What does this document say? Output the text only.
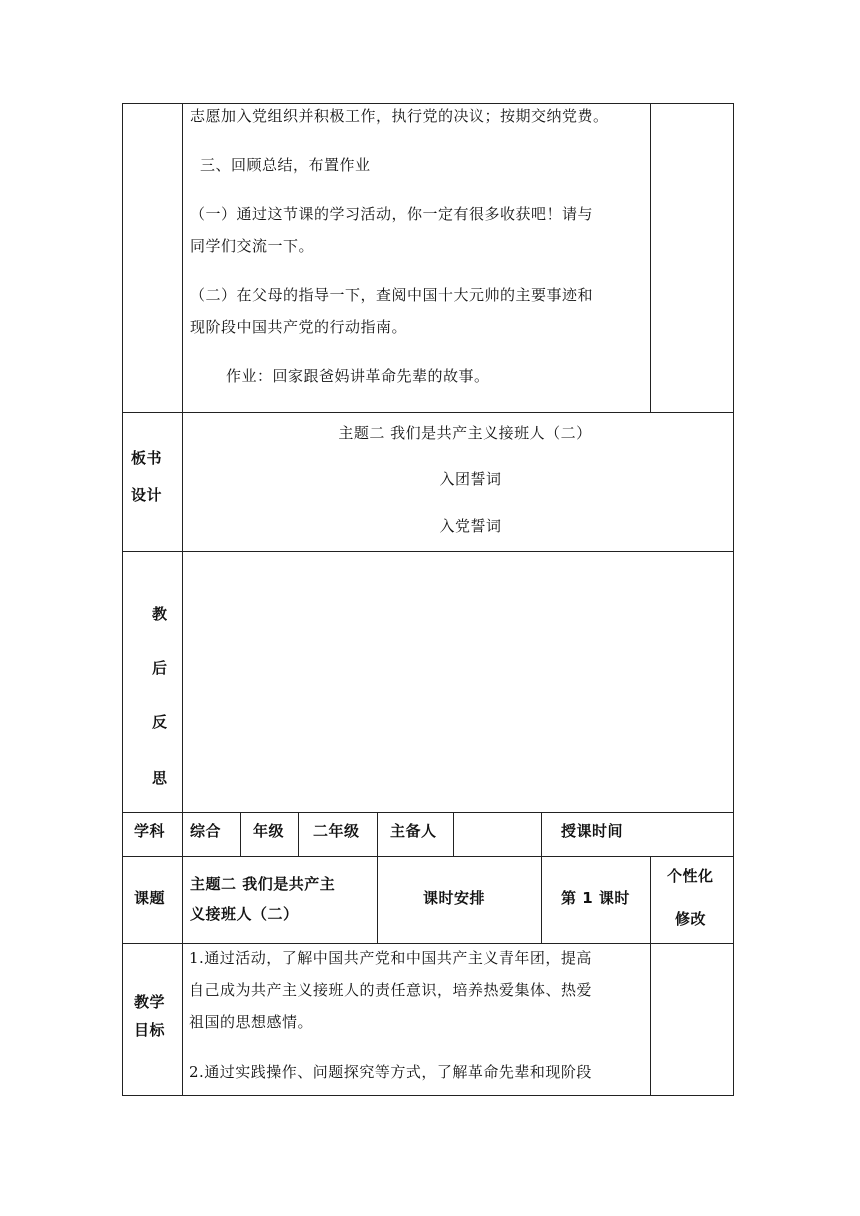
志愿加入党组织并积极工作，执行党的决议；按期交纳党费。
三、回顾总结，布置作业
（一）通过这节课的学习活动，你一定有很多收获吧！请与
同学们交流一下。
（二）在父母的指导一下，查阅中国十大元帅的主要事迹和
现阶段中国共产党的行动指南。
作业：回家跟爸妈讲革命先辈的故事。
板书
设计
主题二 我们是共产主义接班人（二）
入团誓词
入党誓词
教
后
反
思
学科 综合 年级 二年级 主备人	授课时间
课题
主题二 我们是共产主
义接班人（二）
课时安排	第 1 课时
个性化
修改
教学
目标
1.通过活动，了解中国共产党和中国共产主义青年团，提高
自己成为共产主义接班人的责任意识，培养热爱集体、热爱
祖国的思想感情。
2.通过实践操作、问题探究等方式，了解革命先辈和现阶段
